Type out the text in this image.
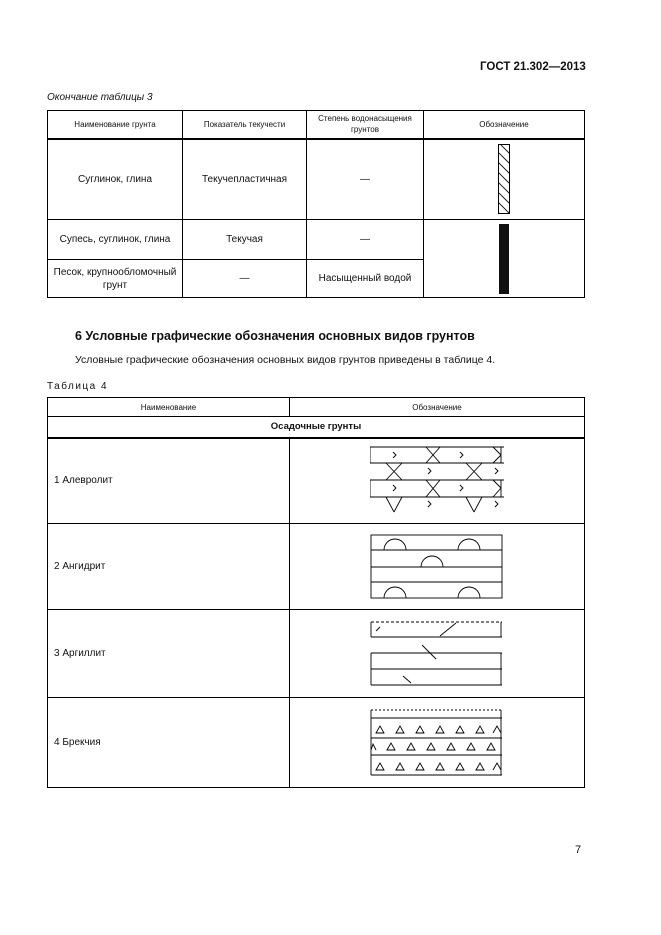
ГОСТ 21.302—2013
Окончание таблицы 3
Наименование грунта	Показатель текучести	Степень водонасыщения грунтов	Обозначение
Суглинок, глина	Текучепластичная	—	

Супесь, суглинок, глина	Текучая	—	

Песок, крупнообломочный грунт	—	Насыщенный водой	
6 Условные графические обозначения основных видов грунтов
Условные графические обозначения основных видов грунтов приведены в таблице 4.
Таблица 4
Наименование	Обозначение
Осадочные грунты	
1 Алевролит	

2 Ангидрит	

3 Аргиллит	

4 Брекчия	
7
